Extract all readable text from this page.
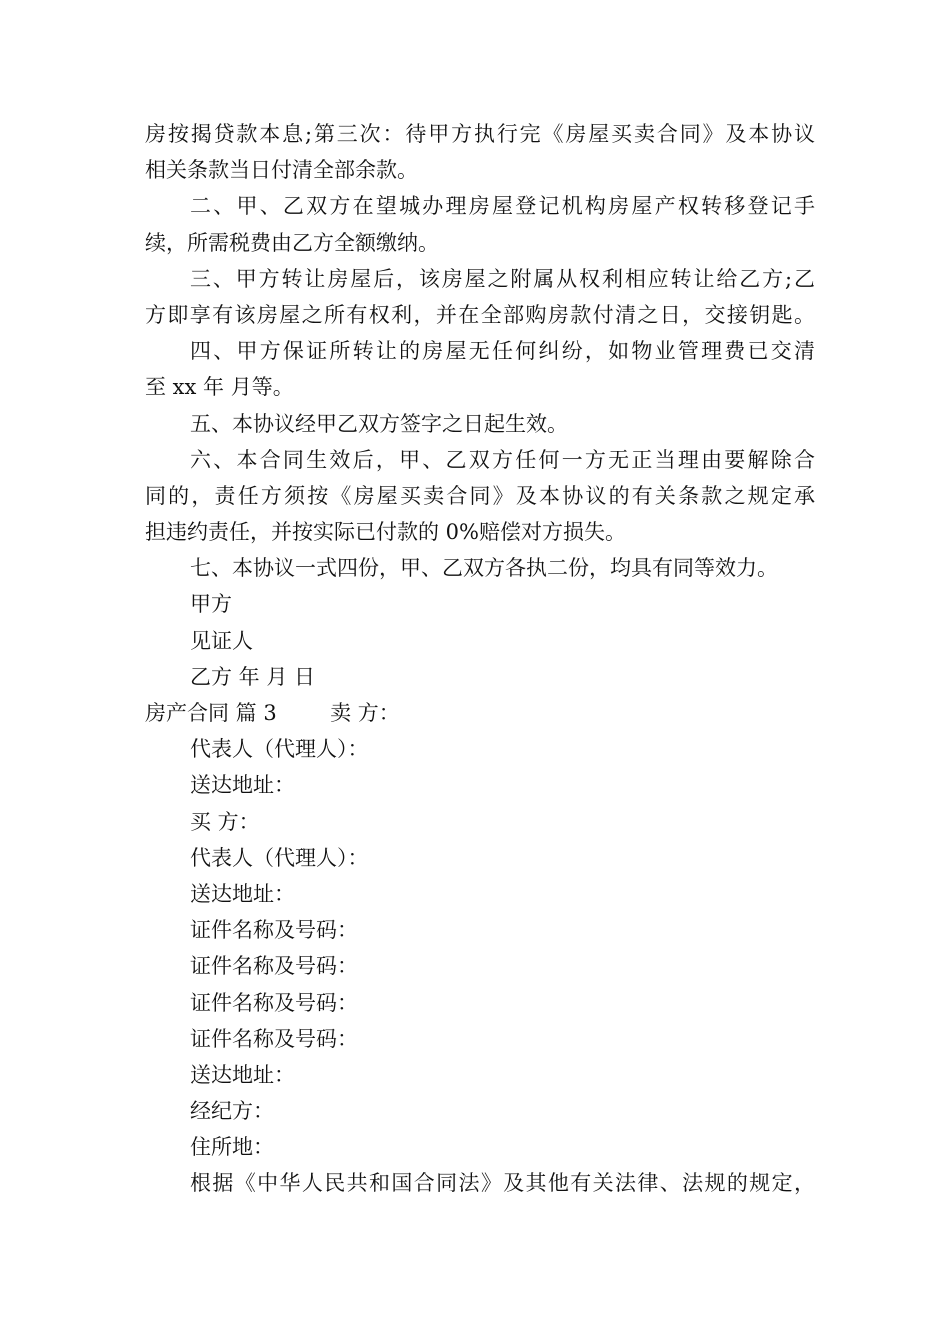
房按揭贷款本息;第三次：待甲方执行完《房屋买卖合同》及本协议
相关条款当日付清全部余款。
二、甲、乙双方在望城办理房屋登记机构房屋产权转移登记手
续，所需税费由乙方全额缴纳。
三、甲方转让房屋后，该房屋之附属从权利相应转让给乙方;乙
方即享有该房屋之所有权利，并在全部购房款付清之日，交接钥匙。
四、甲方保证所转让的房屋无任何纠纷，如物业管理费已交清
至 xx 年 月等。
五、本协议经甲乙双方签字之日起生效。
六、本合同生效后，甲、乙双方任何一方无正当理由要解除合
同的，责任方须按《房屋买卖合同》及本协议的有关条款之规定承
担违约责任，并按实际已付款的 0%赔偿对方损失。
七、本协议一式四份，甲、乙双方各执二份，均具有同等效力。
甲方
见证人
乙方 年 月 日
房产合同 篇 3        卖 方：
代表人（代理人）：
送达地址：
买 方：
代表人（代理人）：
送达地址：
证件名称及号码：
证件名称及号码：
证件名称及号码：
证件名称及号码：
送达地址：
经纪方：
住所地：
根据《中华人民共和国合同法》及其他有关法律、法规的规定，
